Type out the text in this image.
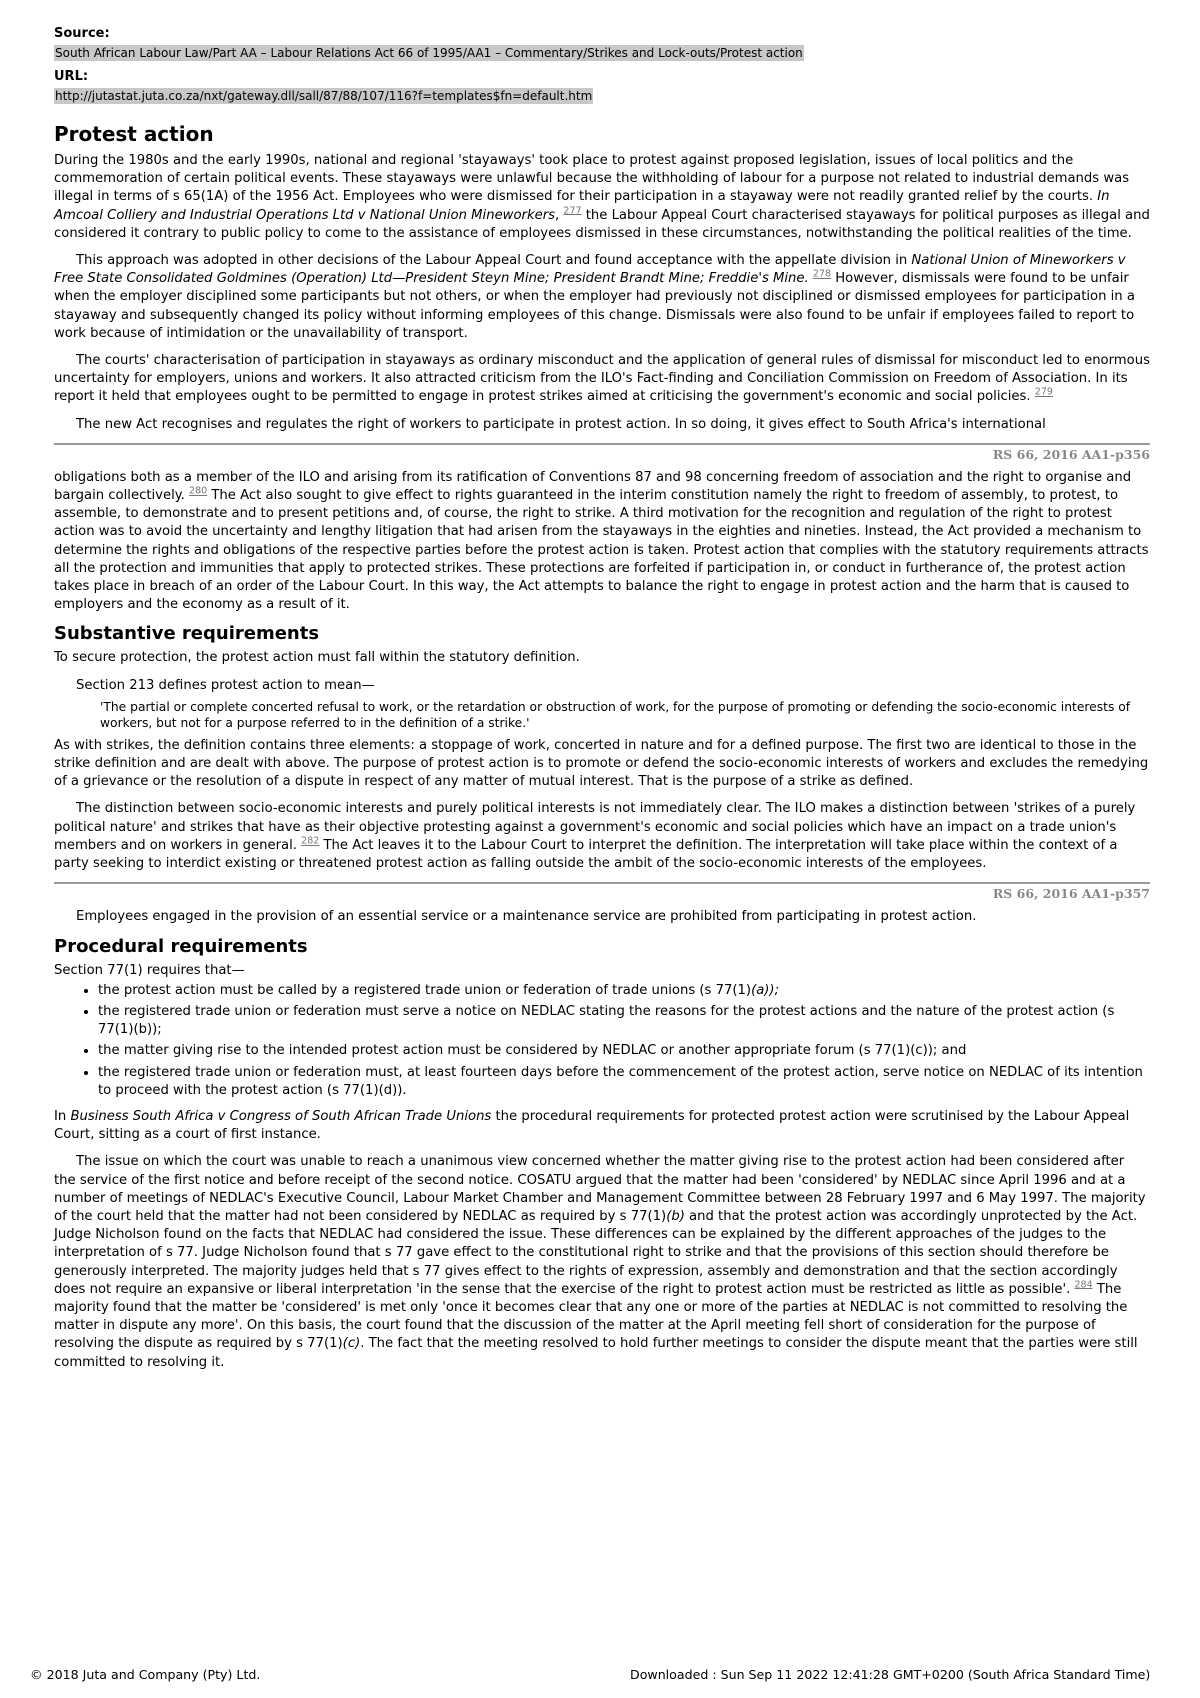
Source:
South African Labour Law/Part AA – Labour Relations Act 66 of 1995/AA1 – Commentary/Strikes and Lock-outs/Protest action
URL:
http://jutastat.juta.co.za/nxt/gateway.dll/sall/87/88/107/116?f=templates$fn=default.htm
Protest action

During the 1980s and the early 1990s, national and regional 'stayaways' took place to protest against proposed legislation, issues of local politics and the commemoration of certain political events. These stayaways were unlawful because the withholding of labour for a purpose not related to industrial demands was illegal in terms of s 65(1A) of the 1956 Act. Employees who were dismissed for their participation in a stayaway were not readily granted relief by the courts. In Amcoal Colliery and Industrial Operations Ltd v National Union Mineworkers, $^{277}$ the Labour Appeal Court characterised stayaways for political purposes as illegal and considered it contrary to public policy to come to the assistance of employees dismissed in these circumstances, notwithstanding the political realities of the time.

This approach was adopted in other decisions of the Labour Appeal Court and found acceptance with the appellate division in National Union of Mineworkers v Free State Consolidated Goldmines (Operation) Ltd—President Steyn Mine; President Brandt Mine; Freddie's Mine. $^{278}$ However, dismissals were found to be unfair when the employer disciplined some participants but not others, or when the employer had previously not disciplined or dismissed employees for participation in a stayaway and subsequently changed its policy without informing employees of this change. Dismissals were also found to be unfair if employees failed to report to work because of intimidation or the unavailability of transport.

The courts' characterisation of participation in stayaways as ordinary misconduct and the application of general rules of dismissal for misconduct led to enormous uncertainty for employers, unions and workers. It also attracted criticism from the ILO's Fact-finding and Conciliation Commission on Freedom of Association. In its report it held that employees ought to be permitted to engage in protest strikes aimed at criticising the government's economic and social policies. $^{279}$

The new Act recognises and regulates the right of workers to participate in protest action. In so doing, it gives effect to South Africa's international

RS 66, 2016 AA1-p356

obligations both as a member of the ILO and arising from its ratification of Conventions 87 and 98 concerning freedom of association and the right to organise and bargain collectively. $^{280}$ The Act also sought to give effect to rights guaranteed in the interim constitution namely the right to freedom of assembly, to protest, to assemble, to demonstrate and to present petitions and, of course, the right to strike. A third motivation for the recognition and regulation of the right to protest action was to avoid the uncertainty and lengthy litigation that had arisen from the stayaways in the eighties and nineties. Instead, the Act provided a mechanism to determine the rights and obligations of the respective parties before the protest action is taken. Protest action that complies with the statutory requirements attracts all the protection and immunities that apply to protected strikes. These protections are forfeited if participation in, or conduct in furtherance of, the protest action takes place in breach of an order of the Labour Court. In this way, the Act attempts to balance the right to engage in protest action and the harm that is caused to employers and the economy as a result of it.

Substantive requirements

To secure protection, the protest action must fall within the statutory definition.

Section 213 defines protest action to mean—

'The partial or complete concerted refusal to work, or the retardation or obstruction of work, for the purpose of promoting or defending the socio-economic interests of workers, but not for a purpose referred to in the definition of a strike.'

As with strikes, the definition contains three elements: a stoppage of work, concerted in nature and for a defined purpose. The first two are identical to those in the strike definition and are dealt with above. The purpose of protest action is to promote or defend the socio-economic interests of workers and excludes the remedying of a grievance or the resolution of a dispute in respect of any matter of mutual interest. That is the purpose of a strike as defined.

The distinction between socio-economic interests and purely political interests is not immediately clear. The ILO makes a distinction between 'strikes of a purely political nature' and strikes that have as their objective protesting against a government's economic and social policies which have an impact on a trade union's members and on workers in general. $^{282}$ The Act leaves it to the Labour Court to interpret the definition. The interpretation will take place within the context of a party seeking to interdict existing or threatened protest action as falling outside the ambit of the socio-economic interests of the employees.

RS 66, 2016 AA1-p357

Employees engaged in the provision of an essential service or a maintenance service are prohibited from participating in protest action.

Procedural requirements

Section 77(1) requires that—

• the protest action must be called by a registered trade union or federation of trade unions (s 77(1)(a));
• the registered trade union or federation must serve a notice on NEDLAC stating the reasons for the protest actions and the nature of the protest action (s 77(1)(b));
• the matter giving rise to the intended protest action must be considered by NEDLAC or another appropriate forum (s 77(1)(c)); and
• the registered trade union or federation must, at least fourteen days before the commencement of the protest action, serve notice on NEDLAC of its intention to proceed with the protest action (s 77(1)(d)).

In Business South Africa v Congress of South African Trade Unions the procedural requirements for protected protest action were scrutinised by the Labour Appeal Court, sitting as a court of first instance.

The issue on which the court was unable to reach a unanimous view concerned whether the matter giving rise to the protest action had been considered after the service of the first notice and before receipt of the second notice. COSATU argued that the matter had been 'considered' by NEDLAC since April 1996 and at a number of meetings of NEDLAC's Executive Council, Labour Market Chamber and Management Committee between 28 February 1997 and 6 May 1997. The majority of the court held that the matter had not been considered by NEDLAC as required by s 77(1)(b) and that the protest action was accordingly unprotected by the Act. Judge Nicholson found on the facts that NEDLAC had considered the issue. These differences can be explained by the different approaches of the judges to the interpretation of s 77. Judge Nicholson found that s 77 gave effect to the constitutional right to strike and that the provisions of this section should therefore be generously interpreted. The majority judges held that s 77 gives effect to the rights of expression, assembly and demonstration and that the section accordingly does not require an expansive or liberal interpretation 'in the sense that the exercise of the right to protest action must be restricted as little as possible'. $^{284}$ The majority found that the matter be 'considered' is met only 'once it becomes clear that any one or more of the parties at NEDLAC is not committed to resolving the matter in dispute any more'. On this basis, the court found that the discussion of the matter at the April meeting fell short of consideration for the purpose of resolving the dispute as required by s 77(1)(c). The fact that the meeting resolved to hold further meetings to consider the dispute meant that the parties were still committed to resolving it.

© 2018 Juta and Company (Pty) Ltd.	Downloaded : Sun Sep 11 2022 12:41:28 GMT+0200 (South Africa Standard Time)
